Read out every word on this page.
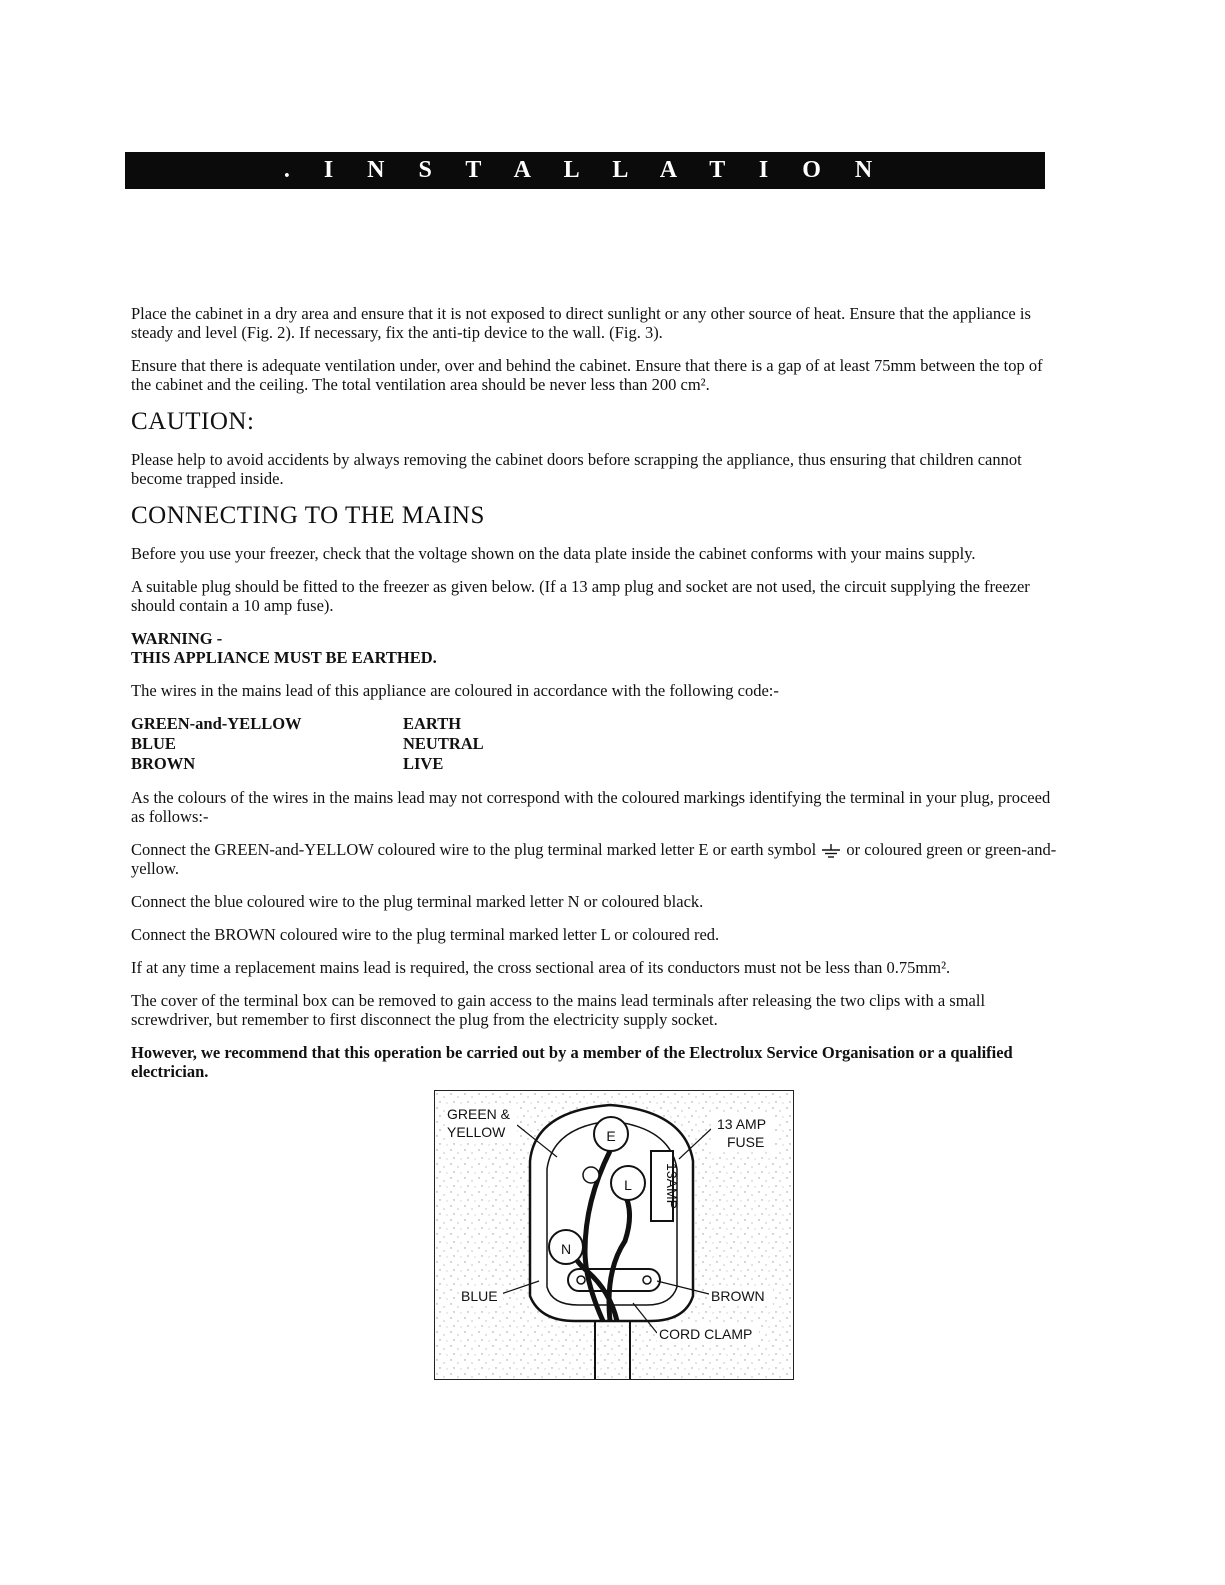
. I N S T A L L A T I O N

Place the cabinet in a dry area and ensure that it is not exposed to direct sunlight or any other source of heat. Ensure that the appliance is steady and level (Fig. 2). If necessary, fix the anti-tip device to the wall. (Fig. 3).

Ensure that there is adequate ventilation under, over and behind the cabinet. Ensure that there is a gap of at least 75mm between the top of the cabinet and the ceiling. The total ventilation area should be never less than 200 cm².

CAUTION:

Please help to avoid accidents by always removing the cabinet doors before scrapping the appliance, thus ensuring that children cannot become trapped inside.

CONNECTING TO THE MAINS

Before you use your freezer, check that the voltage shown on the data plate inside the cabinet conforms with your mains supply.

A suitable plug should be fitted to the freezer as given below. (If a 13 amp plug and socket are not used, the circuit supplying the freezer should contain a 10 amp fuse).

WARNING -
THIS APPLIANCE MUST BE EARTHED.

The wires in the mains lead of this appliance are coloured in accordance with the following code:-

GREEN-and-YELLOW	EARTH
BLUE	NEUTRAL
BROWN	LIVE

As the colours of the wires in the mains lead may not correspond with the coloured markings identifying the terminal in your plug, proceed as follows:-

Connect the GREEN-and-YELLOW coloured wire to the plug terminal marked letter E or earth symbol or coloured green or green-and-yellow.

Connect the blue coloured wire to the plug terminal marked letter N or coloured black.

Connect the BROWN coloured wire to the plug terminal marked letter L or coloured red.

If at any time a replacement mains lead is required, the cross sectional area of its conductors must not be less than 0.75mm².

The cover of the terminal box can be removed to gain access to the mains lead terminals after releasing the two clips with a small screwdriver, but remember to first disconnect the plug from the electricity supply socket.

However, we recommend that this operation be carried out by a member of the Electrolux Service Organisation or a qualified electrician.

13AMP
E
L
N
GREEN &
YELLOW	13 AMP
FUSE
BLUE	BROWN
CORD CLAMP
